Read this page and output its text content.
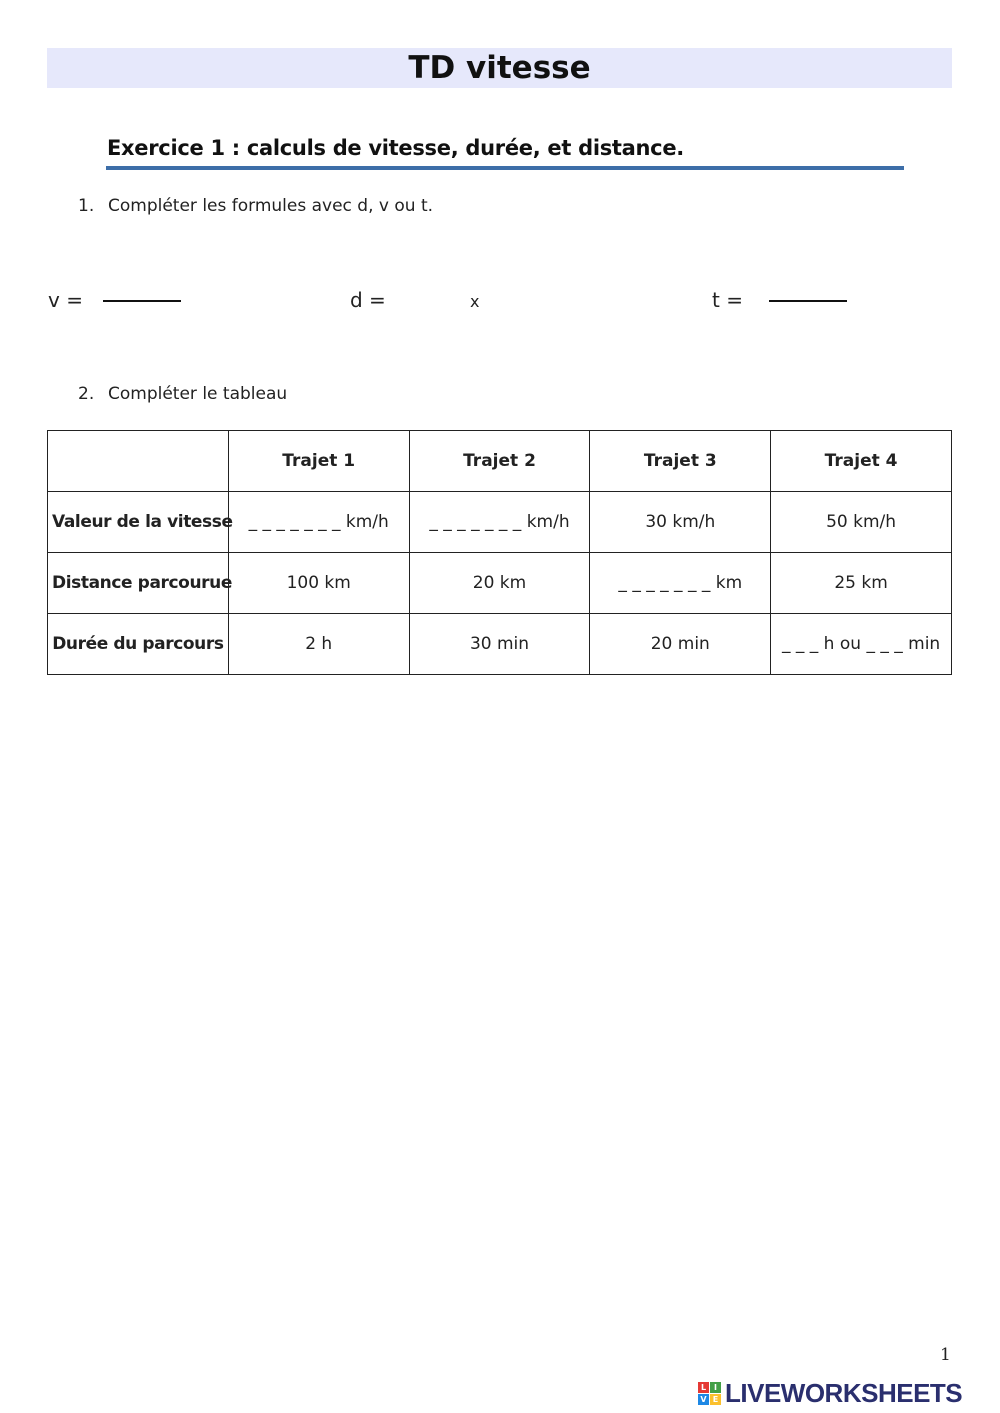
TD vitesse
Exercice 1 : calculs de vitesse, durée, et distance.
1. Compléter les formules avec d, v ou t.
v =	d =	x	t =
2. Compléter le tableau
	Trajet 1	Trajet 2	Trajet 3	Trajet 4
Valeur de la vitesse	_ _ _ _ _ _ _ km/h	_ _ _ _ _ _ _ km/h	30 km/h	50 km/h
Distance parcourue	100 km	20 km	_ _ _ _ _ _ _ km	25 km
Durée du parcours	2 h	30 min	20 min	_ _ _ h ou _ _ _ min
1
L I
V E LIVEWORKSHEETS
